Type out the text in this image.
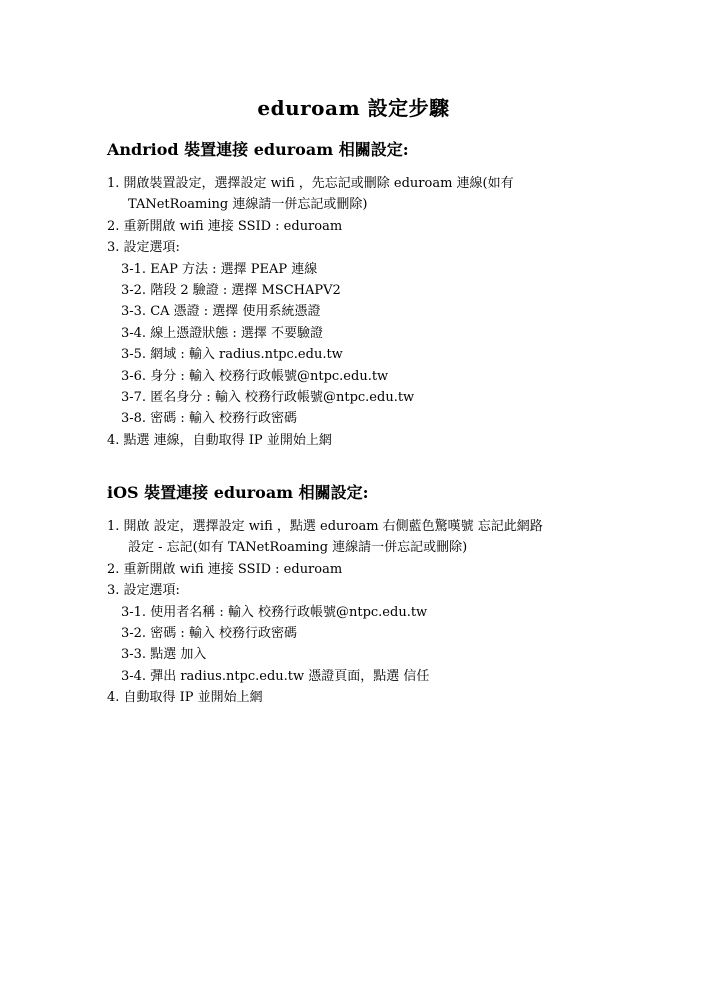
eduroam 設定步驟
Andriod 裝置連接 eduroam 相關設定:
1. 開啟裝置設定，選擇設定 wifi ，先忘記或刪除 eduroam 連線(如有
TANetRoaming 連線請一併忘記或刪除)
2. 重新開啟 wifi 連接 SSID : eduroam
3. 設定選項:
3-1. EAP 方法 : 選擇 PEAP 連線
3-2. 階段 2 驗證 : 選擇 MSCHAPV2
3-3. CA 憑證 : 選擇 使用系統憑證
3-4. 線上憑證狀態 : 選擇 不要驗證
3-5. 網域 : 輸入 radius.ntpc.edu.tw
3-6. 身分 : 輸入 校務行政帳號@ntpc.edu.tw
3-7. 匿名身分 : 輸入 校務行政帳號@ntpc.edu.tw
3-8. 密碼 : 輸入 校務行政密碼
4. 點選 連線，自動取得 IP 並開始上網
iOS 裝置連接 eduroam 相關設定:
1. 開啟 設定，選擇設定 wifi ，點選 eduroam 右側藍色驚嘆號 忘記此網路
設定 - 忘記(如有 TANetRoaming 連線請一併忘記或刪除)
2. 重新開啟 wifi 連接 SSID : eduroam
3. 設定選項:
3-1. 使用者名稱 : 輸入 校務行政帳號@ntpc.edu.tw
3-2. 密碼 : 輸入 校務行政密碼
3-3. 點選 加入
3-4. 彈出 radius.ntpc.edu.tw 憑證頁面，點選 信任
4. 自動取得 IP 並開始上網
